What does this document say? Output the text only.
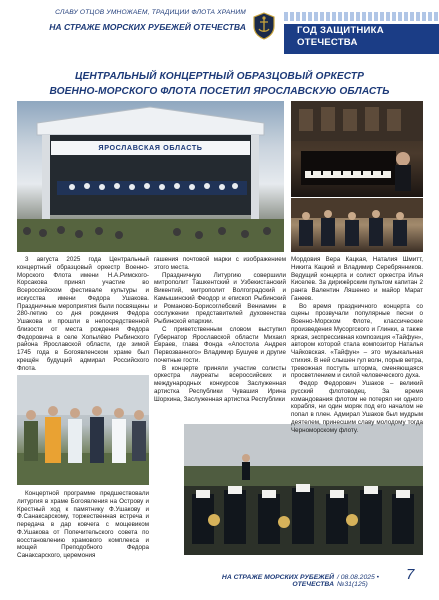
СЛАВУ ОТЦОВ УМНОЖАЕМ, ТРАДИЦИИ ФЛОТА ХРАНИМ
НА СТРАЖЕ МОРСКИХ РУБЕЖЕЙ ОТЕЧЕСТВА	ГОД ЗАЩИТНИКА
ОТЕЧЕСТВА
ЦЕНТРАЛЬНЫЙ КОНЦЕРТНЫЙ ОБРАЗЦОВЫЙ ОРКЕСТР
ВОЕННО-МОРСКОГО ФЛОТА ПОСЕТИЛ ЯРОСЛАВСКУЮ ОБЛАСТЬ
ЯРОСЛАВСКАЯ ОБЛАСТЬ

3 августа 2025 года Центральный концертный образцовый оркестр Военно-Морского Флота имени Н.А.Римского-Корсакова принял участие во Всероссийском фестивале культуры и искусства имени Федора Ушакова. Праздничные мероприятия были посвящены 280-летию со дня рождения Федора Ушакова и прошли в непосредственной близости от места рождения Федора Федоровича в селе Хопылёво Рыбинского района Ярославской области, где зимой 1745 года в Богоявленском храме был крещён будущий адмирал Российского Флота.

Концертной программе предшествовали литургия в храме Богоявления на Острову и Крестный ход к памятнику Ф.Ушакову и Ф.Санаксарскому, торжественная встреча и передача в дар ковчега с мощевиком Ф.Ушакова от Попечительского совета по восстановлению храмового комплекса и мощей Преподобного Федора Санаксарского, церемония

гашения почтовой марки с изображением этого места.

Праздничную Литургию совершили митрополит Ташкентский и Узбекистанский Викентий, митрополит Волгоградский и Камышинский Феодор и епископ Рыбинский и Романово-Борисоглебский Вениамин в сослужении представителей духовенства Рыбинской епархии.

С приветственным словом выступил Губернатор Ярославской области Михаил Евраев, глава Фонда «Апостола Андрея Первозванного» Владимир Бушуев и другие почетные гости.

В концерте приняли участие солисты оркестра лауреаты всероссийских и международных конкурсов Заслуженная артистка Республики Чувашия Ирина Шорхина, Заслуженная артистка Республики

Мордовия Вера Кацкая, Наталия Шмитт, Никита Кацкий и Владимир Серебрянников. Ведущий концерта и солист оркестра Илья Киселев. За дирижёрским пультом капитан 2 ранга Валентин Ляшенко и майор Марат Ганеев.

Во время праздничного концерта со сцены прозвучали популярные песни о Военно-Морском Флоте, классические произведения Мусоргского и Глинки, а также яркая, экспрессивная композиция «Тайфун», автором которой стала композитор Наталья Чайковская. «Тайфун» – это музыкальная стихия. В ней слышен гул волн, порыв ветра, тревожная поступь шторма, сменяющаяся просветлением и силой человеческого духа.

Федор Федорович Ушаков – великий русский флотоводец. За время командования флотом не потерял ни одного корабля, ни один моряк под его началом не попал в плен. Адмирал Ушаков был мудрым деятелем, принесшим славу молодому тогда Черноморскому флоту.

НА СТРАЖЕ МОРСКИХ РУБЕЖЕЙ ОТЕЧЕСТВА
/ 08.08.2025 • №31(125)
7
